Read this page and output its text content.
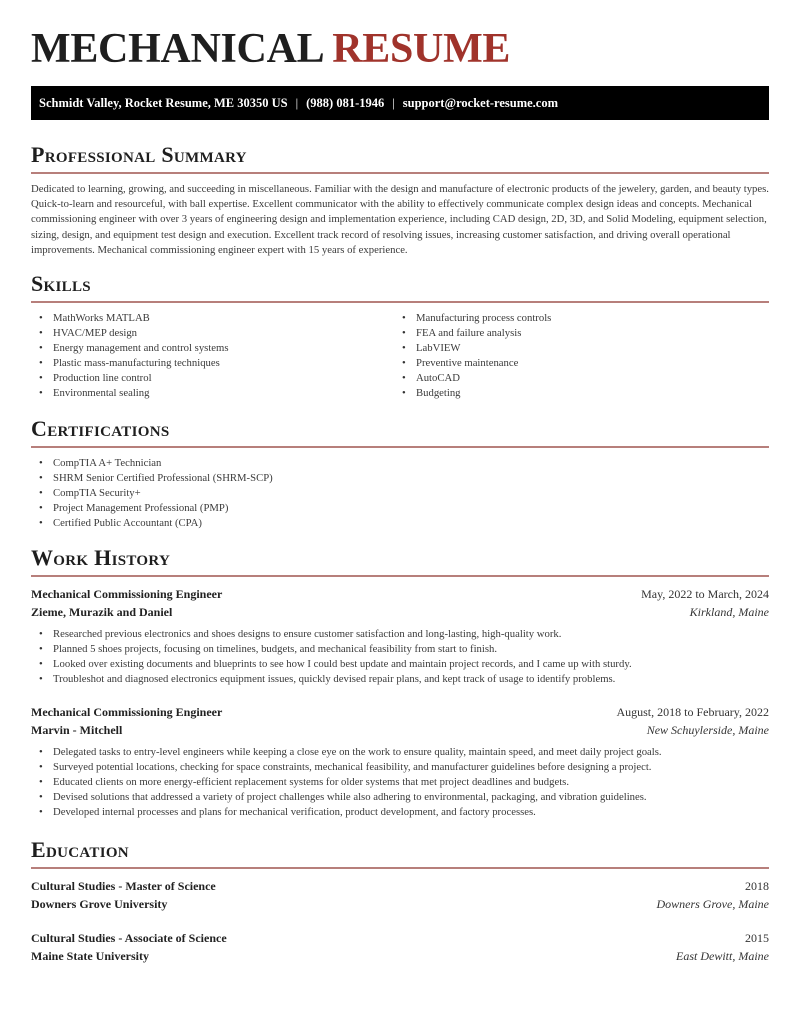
MECHANICAL RESUME
Schmidt Valley, Rocket Resume, ME 30350 US | (988) 081-1946 | support@rocket-resume.com
Professional Summary

Dedicated to learning, growing, and succeeding in miscellaneous. Familiar with the design and manufacture of electronic products of the jewelery, garden, and beauty types. Quick-to-learn and resourceful, with ball expertise. Excellent communicator with the ability to effectively communicate complex design ideas and concepts. Mechanical commissioning engineer with over 3 years of engineering design and implementation experience, including CAD design, 2D, 3D, and Solid Modeling, equipment selection, sizing, design, and equipment test design and execution. Excellent track record of resolving issues, increasing customer satisfaction, and driving overall operational improvements. Mechanical commissioning engineer expert with 15 years of experience.

Skills
• MathWorks MATLAB
• HVAC/MEP design
• Energy management and control systems
• Plastic mass-manufacturing techniques
• Production line control
• Environmental sealing
• Manufacturing process controls
• FEA and failure analysis
• LabVIEW
• Preventive maintenance
• AutoCAD
• Budgeting
Certifications
• CompTIA A+ Technician
• SHRM Senior Certified Professional (SHRM-SCP)
• CompTIA Security+
• Project Management Professional (PMP)
• Certified Public Accountant (CPA)
Work History
Mechanical Commissioning Engineer	May, 2022 to March, 2024
Zieme, Murazik and Daniel	Kirkland, Maine
• Researched previous electronics and shoes designs to ensure customer satisfaction and long-lasting, high-quality work.
• Planned 5 shoes projects, focusing on timelines, budgets, and mechanical feasibility from start to finish.
• Looked over existing documents and blueprints to see how I could best update and maintain project records, and I came up with sturdy.
• Troubleshot and diagnosed electronics equipment issues, quickly devised repair plans, and kept track of usage to identify problems.
Mechanical Commissioning Engineer	August, 2018 to February, 2022
Marvin - Mitchell	New Schuylerside, Maine
• Delegated tasks to entry-level engineers while keeping a close eye on the work to ensure quality, maintain speed, and meet daily project goals.
• Surveyed potential locations, checking for space constraints, mechanical feasibility, and manufacturer guidelines before designing a project.
• Educated clients on more energy-efficient replacement systems for older systems that met project deadlines and budgets.
• Devised solutions that addressed a variety of project challenges while also adhering to environmental, packaging, and vibration guidelines.
• Developed internal processes and plans for mechanical verification, product development, and factory processes.
Education
Cultural Studies - Master of Science	2018
Downers Grove University	Downers Grove, Maine
Cultural Studies - Associate of Science	2015
Maine State University	East Dewitt, Maine
